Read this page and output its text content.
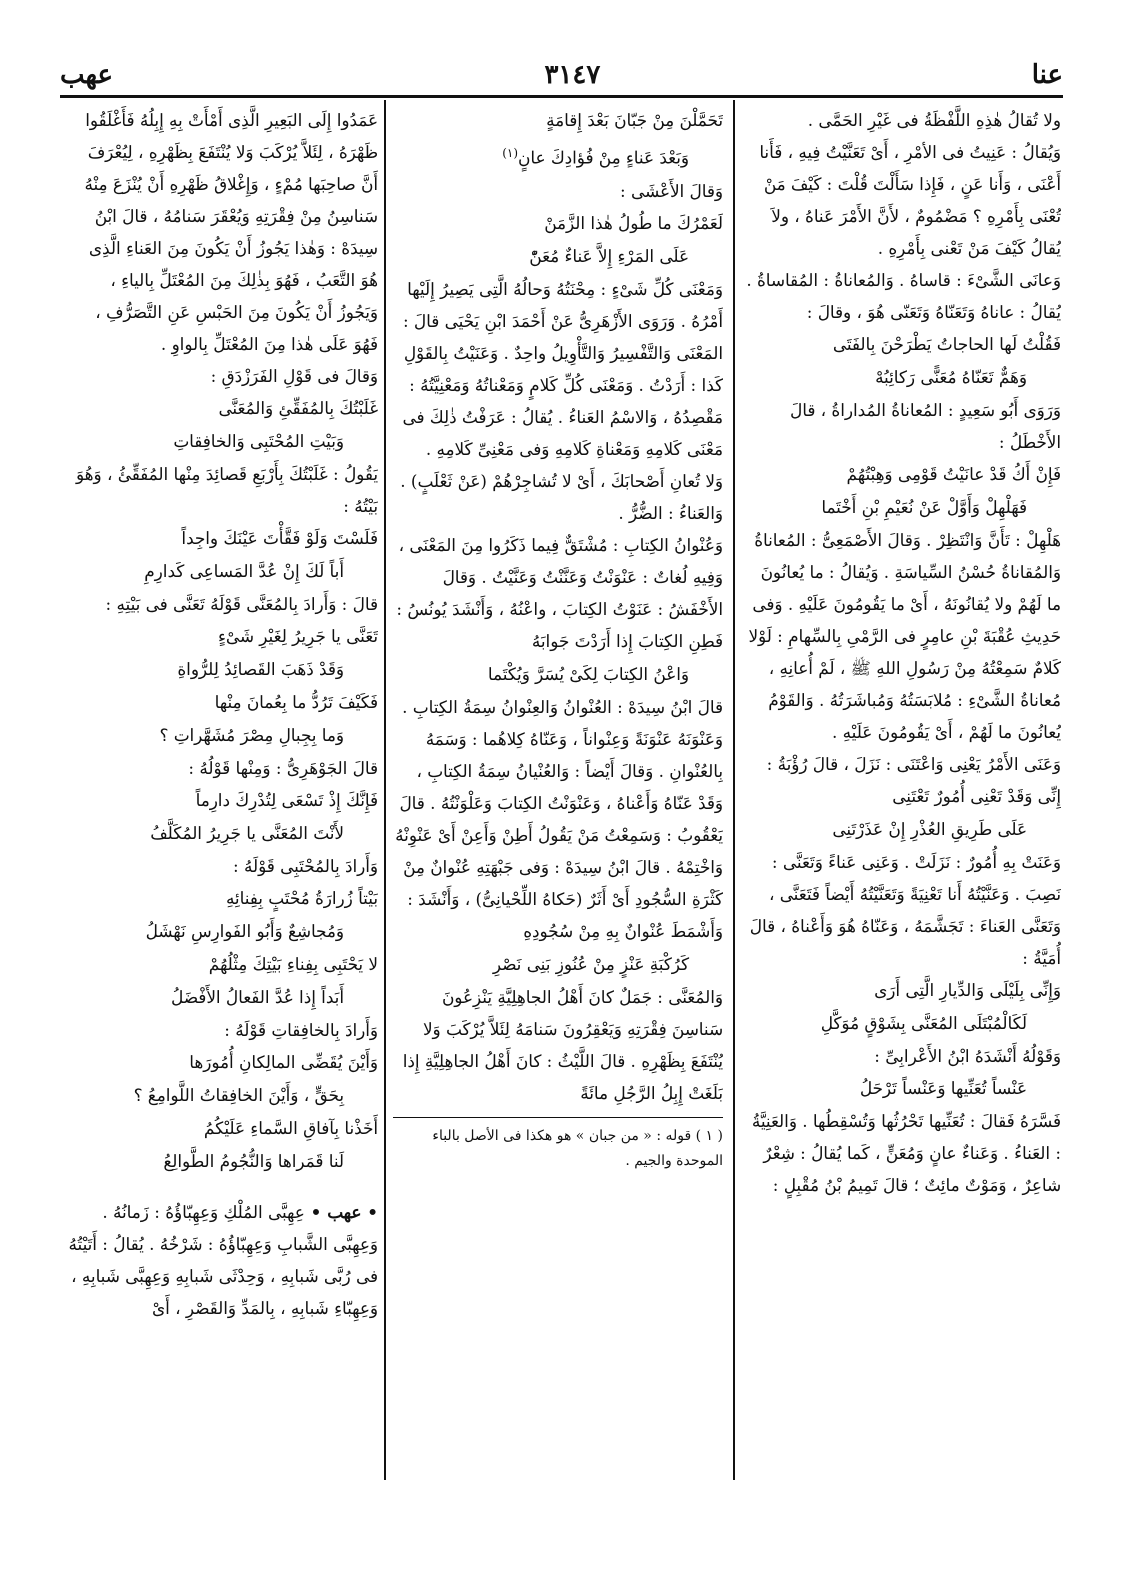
عهب	٣١٤٧	عنا
ولا تُقالُ هٰذِهِ اللَّفْظَةُ فى غَيْرِ الحَمَّى .
وَيُقالُ : عَنِيتُ فى الأمْرِ ، أَىْ تَعَنَّيْتُ فِيهِ ، فَأَنا أَعْنَى ، وَأَنا عَنٍ ، فَإِذا سَأَلْتَ قُلْتَ : كَيْفَ مَنْ تُعْنَى بِأَمْرِهِ ؟ مَضْمُومٌ ، لأَنَّ الأَمْرَ عَناهُ ، ولاَ يُقالُ كَيْفَ مَنْ تَعْنى بِأَمْرِهِ .
وَعانَى الشَّىْءَ : قاساهُ . وَالمُعاناةُ : المُقاساةُ . يُقالُ : عاناهُ وَتَعَنّاهُ وَتَعَنّى هُوَ ، وقالَ :
فَقُلْتُ لَها الحاجاتُ يَطْرَحْنَ بِالفَتَى
وَهَمٌّ تَعَنّاهُ مُعَنًّى رَكائِبُهْ
وَرَوَى أَبُو سَعِيدٍ : المُعاناةُ المُداراةُ ، قالَ الأَخْطَلُ :
فَإِنْ أَكُ قَدْ عانَيْتُ قَوْمِى وَهِبْتُهُمْ
فَهَلْهِلْ وَأَوَّلْ عَنْ نُعَيْمِ بْنِ أَخْتَما
هَلْهِلْ : تَأَنَّ وَانْتَظِرْ . وَقالَ الأَصْمَعِىُّ : المُعاناةُ وَالمُقاناةُ حُسْنُ السِّياسَةِ . وَيُقالُ : ما يُعانُونَ ما لَهُمْ ولا يُقانُونَهُ ، أَىْ ما يَقُومُونَ عَلَيْهِ . وَفى حَدِيثِ عُقْبَةَ بْنِ عامِرٍ فى الرَّمْىِ بِالسِّهامِ : لَوْلا كَلامٌ سَمِعْتُهُ مِنْ رَسُولِ اللهِ ﷺ ، لَمْ أُعانِهِ ، مُعاناةُ الشَّىْءِ : مُلابَسَتُهُ وَمُباشَرَتُهُ . وَالقَوْمُ يُعانُونَ ما لَهُمْ ، أَىْ يَقُومُونَ عَلَيْهِ .
وَعَنَى الأَمْرُ يَعْنِى وَاعْتَنَى : نَزَلَ ، قالَ رُؤْبَةُ :
إِنِّى وَقَدْ تَعْنِى أُمُورٌ تَعْتَنِى
عَلَى طَرِيقِ العُذْرِ إِنْ عَذَرْتَنِى
وَعَنَتْ بِهِ أُمُورٌ : نَزَلَتْ . وَعَنِى عَناءً وَتَعَنَّى : نَصِبَ . وَعَنَّيْتُهُ أَنا تَعْنِيَةً وَتَعَنَّيْتُهُ أَيْضاً فَتَعَنَّى ، وَتَعَنَّى العَناءَ : تَجَشَّمَهُ ، وَعَنّاهُ هُوَ وَأَعْناهُ ، قالَ أُمَيَّةُ :
وَإِنِّى بِلَيْلَى وَالدِّيارِ الَّتِى أَرَى
لَكَالْمُبْتَلَى المُعَنَّى بِشَوْقٍ مُوَكَّلِ
وَقَوْلُهُ أَنْشَدَهُ ابْنُ الأَعْرابِىِّ :
عَنْساً تُعَنِّيها وَعَنْساً تَرْحَلُ
فَسَّرَهُ فَقالَ : تُعَنِّيها تَحْرُثُها وَتُسْقِطُها . وَالعَنِيَّةُ : العَناءُ . وَعَناءٌ عانٍ وَمُعَنٍّ ، كَما يُقالُ : شِعْرٌ شاعِرٌ ، وَمَوْتٌ مائِتٌ ؛ قالَ تَمِيمُ بْنُ مُقْبِلٍ :
تَحَمَّلْنَ مِنْ جَبّانَ بَعْدَ إِقامَةٍ
وَبَعْدَ عَناءٍ مِنْ فُؤادِكَ عانٍ$^{(١)}$
وَقالَ الأَعْشَى :
لَعَمْرُكَ ما طُولُ هٰذا الزَّمَنْ
عَلَى المَرْءِ إِلاَّ عَناءٌ مُعَنّْ
وَمَعْنَى كُلِّ شَىْءٍ : مِحْنَتُهُ وَحالُهُ الَّتِى يَصِيرُ إِلَيْها أَمْرُهُ . وَرَوَى الأَزْهَرِىُّ عَنْ أَحْمَدَ ابْنِ يَحْيَى قالَ : المَعْنَى وَالتَّفْسِيرُ وَالتَّأْوِيلُ واحِدٌ . وَعَنَيْتُ بِالقَوْلِ كَذا : أَرَدْتُ . وَمَعْنَى كُلِّ كَلامٍ وَمَعْناتُهُ وَمَعْنِيَّتُهُ : مَقْصِدُهُ ، وَالاسْمُ العَناءُ . يُقالُ : عَرَفْتُ ذٰلِكَ فى مَعْنَى كَلامِهِ وَمَعْناةِ كَلامِهِ وَفى مَعْنِىِّ كَلامِهِ .
وَلا تُعانِ أَصْحابَكَ ، أَىْ لا تُشاجِرْهُمْ (عَنْ ثَعْلَبٍ) .
وَالعَناءُ : الضُّرُّ .
وَعُنْوانُ الكِتابِ : مُشْتَقٌّ فِيما ذَكَرُوا مِنَ المَعْنَى ، وَفِيهِ لُغاتٌ : عَنْوَنْتُ وَعَنَّنْتُ وَعَنَّيْتُ . وَقالَ الأَخْفَشُ : عَنَوْتُ الكِتابَ ، واعْنُهُ ، وَأَنْشَدَ يُونُسُ :
فَطِنِ الكِتابَ إِذا أَرَدْتَ جَوابَهُ
وَاعْنُ الكِتابَ لِكَىْ يُسَرَّ وَيُكْتَما
قالَ ابْنُ سِيدَهْ : العُنْوانُ وَالعِنْوانُ سِمَةُ الكِتابِ . وَعَنْوَنَهُ عَنْوَنَةً وَعِنْواناً ، وَعَنّاهُ كِلاهُما : وَسَمَهُ بِالعُنْوانِ . وَقالَ أَيْضاً : وَالعُنْيانُ سِمَةُ الكِتابِ ، وَقَدْ عَنّاهُ وَأَعْناهُ ، وَعَنْوَنْتُ الكِتابَ وَعَلْوَنْتُهُ . قالَ يَعْقُوبُ : وَسَمِعْتُ مَنْ يَقُولُ أَطِنْ وَأَعِنْ أَىْ عَنْوِنْهُ وَاخْتِمْهُ . قالَ ابْنُ سِيدَهْ : وَفى جَبْهَتِهِ عُنْوانٌ مِنْ كَثْرَةِ السُّجُودِ أَىْ أَثَرٌ (حَكاهُ اللِّحْيانِىُّ) ، وَأَنْشَدَ :
وَأَشْمَطَ عُنْوانٌ بِهِ مِنْ سُجُودِهِ
كَرُكْبَةِ عَنْزٍ مِنْ عُنُوزِ بَنِى نَصْرِ
وَالمُعَنَّى : جَمَلٌ كانَ أَهْلُ الجاهِلِيَّةِ يَنْزِعُونَ سَناسِنَ فِقْرَتِهِ وَيَعْقِرُونَ سَنامَهُ لِئَلاَّ يُرْكَبَ وَلا يُنْتَفَعَ بِظَهْرِهِ . قالَ اللَّيْثُ : كانَ أَهْلُ الجاهِلِيَّةِ إِذا بَلَغَتْ إِبِلُ الرَّجُلِ مائَةً
( ١ ) قوله : « من جبان » هو هكذا فى الأصل بالباء الموحدة والجيم .
عَمَدُوا إِلَى البَعِيرِ الَّذِى أَمْأَتْ بِهِ إِبِلُهُ فَأَغْلَقُوا ظَهْرَهُ ، لِئَلاَّ يُرْكَبَ وَلا يُنْتَفَعَ بِظَهْرِهِ ، لِيُعْرَفَ أَنَّ صاحِبَها مُمْءٍ ، وَإِغْلاقُ ظَهْرِهِ أَنْ يُنْزَعَ مِنْهُ سَناسِنُ مِنْ فِقْرَتِهِ وَيُعْقَرَ سَنامُهُ ، قالَ ابْنُ سِيدَهْ : وَهٰذا يَجُوزُ أَنْ يَكُونَ مِنَ العَناءِ الَّذِى هُوَ التَّعَبُ ، فَهُوَ بِذٰلِكَ مِنَ المُعْتَلِّ بِالياءِ ، وَيَجُوزُ أَنْ يَكُونَ مِنَ الحَبْسِ عَنِ التَّصَرُّفِ ، فَهُوَ عَلَى هٰذا مِنَ المُعْتَلِّ بِالواوِ .
وَقالَ فى قَوْلِ الفَرَزْدَقِ :
غَلَبْتُكَ بِالمُفَقِّئِ وَالمُعَنَّى
وَبَيْتِ المُحْتَبِى وَالخافِقاتِ
يَقُولُ : غَلَبْتُكَ بِأَرْبَعِ قَصائِدَ مِنْها المُفَقِّئُ ، وَهُوَ بَيْتُهُ :
فَلَسْتَ وَلَوْ فَقَّأْتَ عَيْنَكَ واجِداً
أَباً لَكَ إِنْ عُدَّ المَساعِى كَدارِمِ
قالَ : وَأَرادَ بِالمُعَنَّى قَوْلَهُ تَعَنَّى فى بَيْتِهِ :
تَعَنَّى يا جَرِيرُ لِغَيْرِ شَىْءٍ
وَقَدْ ذَهَبَ القَصائِدُ لِلرُّواةِ
فَكَيْفَ تَرُدُّ ما بِعُمانَ مِنْها
وَما بِجِبالِ مِصْرَ مُشَهَّراتِ ؟
قالَ الجَوْهَرِىُّ : وَمِنْها قَوْلُهُ :
فَإِنَّكَ إِذْ تَسْعَى لِتُدْرِكَ دارِماً
لأَنْتَ المُعَنَّى يا جَرِيرُ المُكَلَّفُ
وَأَرادَ بِالمُحْتَبِى قَوْلَهُ :
بَيْتاً زُرارَةُ مُحْتَبٍ بِفِنائِهِ
وَمُجاشِعٌ وَأَبُو الفَوارِسِ نَهْشَلُ
لا يَحْتَبِى بِفِناءِ بَيْتِكَ مِثْلُهُمْ
أَبَداً إِذا عُدَّ الفَعالُ الأَفْضَلُ
وَأَرادَ بِالخافِقاتِ قَوْلَهُ :
وَأَيْنَ يُقَضِّى المالِكانِ أُمُورَها
بِحَقٍّ ، وَأَيْنَ الخافِقاتُ اللَّوامِعُ ؟
أَخَذْنا بِآفاقِ السَّماءِ عَلَيْكُمُ
لَنا قَمَراها وَالنُّجُومُ الطَّوالِعُ
• عهب • عِهِبَّى المُلْكِ وَعِهِبّاؤُهُ : زَمانُهُ . وَعِهِبَّى الشَّبابِ وَعِهِبّاؤُهُ : شَرْخُهُ . يُقالُ : أَتَيْتُهُ فى رُبَّى شَبابِهِ ، وَحِدْثَى شَبابِهِ وَعِهِبَّى شَبابِهِ ، وَعِهِبّاءِ شَبابِهِ ، بِالمَدِّ وَالقَصْرِ ، أَىْ
